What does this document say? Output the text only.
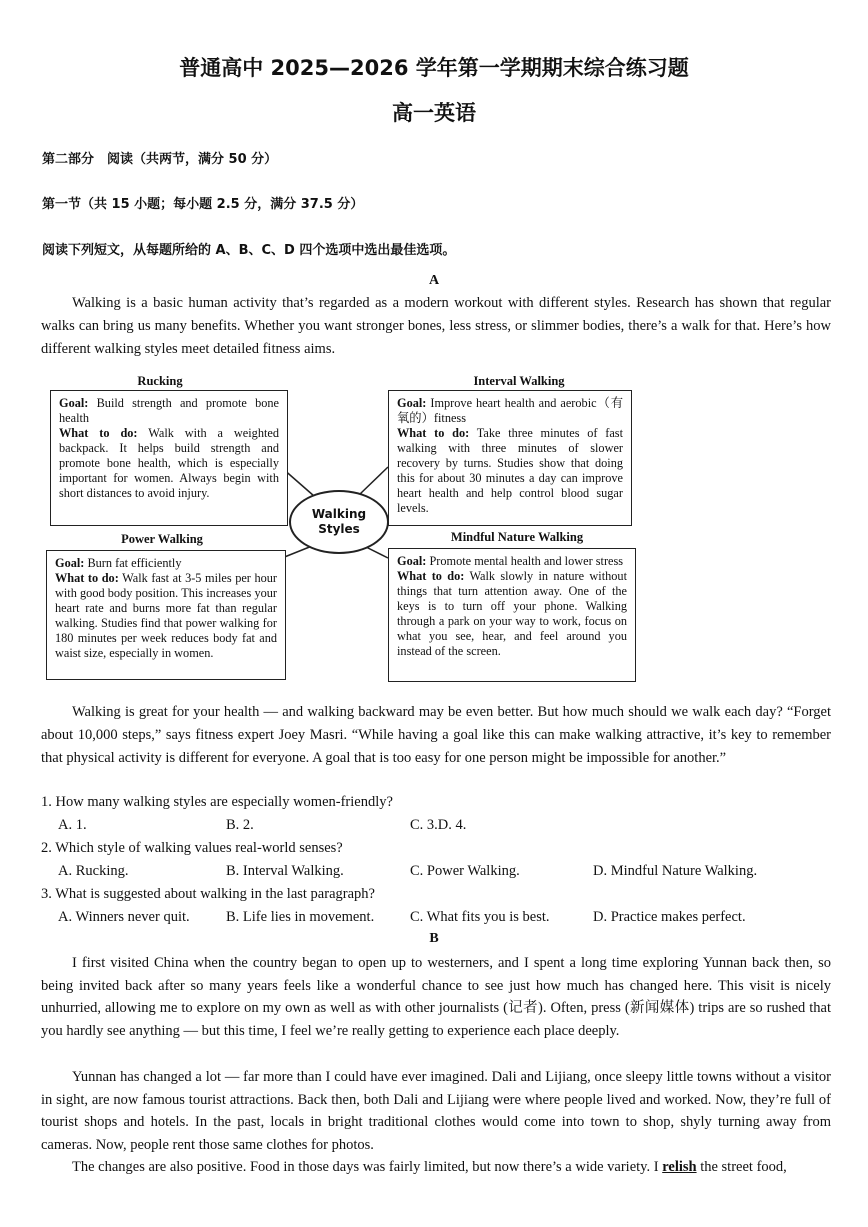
普通高中 2025—2026 学年第一学期期末综合练习题
高一英语
第二部分　阅读（共两节，满分 50 分）
第一节（共 15 小题；每小题 2.5 分，满分 37.5 分）
阅读下列短文，从每题所给的 A、B、C、D 四个选项中选出最佳选项。
A
Walking is a basic human activity that’s regarded as a modern workout with different styles. Research has shown that regular walks can bring us many benefits. Whether you want stronger bones, less stress, or slimmer bodies, there’s a walk for that. Here’s how different walking styles meet detailed fitness aims.
Rucking
Goal: Build strength and promote bone health
What to do: Walk with a weighted backpack. It helps build strength and promote bone health, which is especially important for women. Always begin with short distances to avoid injury.
Interval Walking
Goal: Improve heart health and aerobic（有氧的）fitness
What to do: Take three minutes of fast walking with three minutes of slower recovery by turns. Studies show that doing this for about 30 minutes a day can improve heart health and help control blood sugar levels.
Walking
Styles
Power Walking
Goal: Burn fat efficiently
What to do: Walk fast at 3-5 miles per hour with good body position. This increases your heart rate and burns more fat than regular walking. Studies find that power walking for 180 minutes per week reduces body fat and waist size, especially in women.
Mindful Nature Walking
Goal: Promote mental health and lower stress
What to do: Walk slowly in nature without things that turn attention away. One of the keys is to turn off your phone. Walking through a park on your way to work, focus on what you see, hear, and feel around you instead of the screen.
Walking is great for your health — and walking backward may be even better. But how much should we walk each day? “Forget about 10,000 steps,” says fitness expert Joey Masri. “While having a goal like this can make walking attractive, it’s key to remember that physical activity is different for everyone. A goal that is too easy for one person might be impossible for another.”
1. How many walking styles are especially women-friendly?
A. 1.	B. 2.	C. 3.D. 4.
2. Which style of walking values real-world senses?
A. Rucking.	B. Interval Walking.	C. Power Walking.	D. Mindful Nature Walking.
3. What is suggested about walking in the last paragraph?
A. Winners never quit.	B. Life lies in movement. C. What fits you is best.	D. Practice makes perfect.
B
I first visited China when the country began to open up to westerners, and I spent a long time exploring Yunnan back then, so being invited back after so many years feels like a wonderful chance to see just how much has changed here. This visit is nicely unhurried, allowing me to explore on my own as well as with other journalists (记者). Often, press (新闻媒体) trips are so rushed that you hardly see anything — but this time, I feel we’re really getting to experience each place deeply.
Yunnan has changed a lot — far more than I could have ever imagined. Dali and Lijiang, once sleepy little towns without a visitor in sight, are now famous tourist attractions. Back then, both Dali and Lijiang were where people lived and worked. Now, they’re full of tourist shops and hotels. In the past, locals in bright traditional clothes would come into town to shop, shyly turning away from cameras. Now, people rent those same clothes for photos.
The changes are also positive. Food in those days was fairly limited, but now there’s a wide variety. I relish the street food,
